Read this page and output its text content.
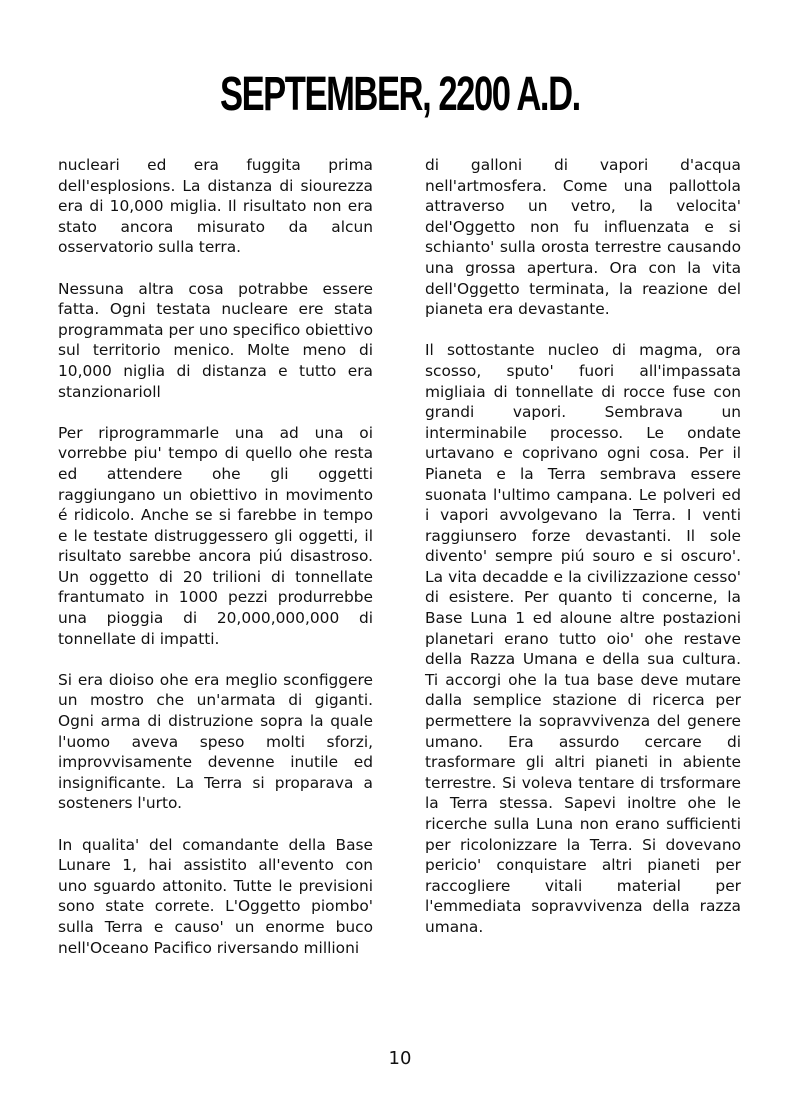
SEPTEMBER, 2200 A.D.

nucleari ed era fuggita prima dell'esplosions. La distanza di siourezza era di 10,000 miglia. Il risultato non era stato ancora misurato da alcun osservatorio sulla terra.

Nessuna altra cosa potrabbe essere fatta. Ogni testata nucleare ere stata programmata per uno specifico obiettivo sul territorio menico. Molte meno di 10,000 niglia di distanza e tutto era stanzionarioll

Per riprogrammarle una ad una oi vorrebbe piu' tempo di quello ohe resta ed attendere ohe gli oggetti raggiungano un obiettivo in movimento é ridicolo. Anche se si farebbe in tempo e le testate distruggessero gli oggetti, il risultato sarebbe ancora piú disastroso. Un oggetto di 20 trilioni di tonnellate frantumato in 1000 pezzi produrrebbe una pioggia di 20,000,000,000 di tonnellate di impatti.

Si era dioiso ohe era meglio sconfiggere un mostro che un'armata di giganti. Ogni arma di distruzione sopra la quale l'uomo aveva speso molti sforzi, improvvisamente devenne inutile ed insignificante. La Terra si proparava a sosteners l'urto.

In qualita' del comandante della Base Lunare 1, hai assistito all'evento con uno sguardo attonito. Tutte le previsioni sono state correte. L'Oggetto piombo' sulla Terra e causo' un enorme buco nell'Oceano Pacifico riversando millioni

di galloni di vapori d'acqua nell'artmosfera. Come una pallottola attraverso un vetro, la velocita' del'Oggetto non fu influenzata e si schianto' sulla orosta terrestre causando una grossa apertura. Ora con la vita dell'Oggetto terminata, la reazione del pianeta era devastante.

Il sottostante nucleo di magma, ora scosso, sputo' fuori all'impassata migliaia di tonnellate di rocce fuse con grandi vapori. Sembrava un interminabile processo. Le ondate urtavano e coprivano ogni cosa. Per il Pianeta e la Terra sembrava essere suonata l'ultimo campana. Le polveri ed i vapori avvolgevano la Terra. I venti raggiunsero forze devastanti. Il sole divento' sempre piú souro e si oscuro'. La vita decadde e la civilizzazione cesso' di esistere. Per quanto ti concerne, la Base Luna 1 ed aloune altre postazioni planetari erano tutto oio' ohe restave della Razza Umana e della sua cultura. Ti accorgi ohe la tua base deve mutare dalla semplice stazione di ricerca per permettere la sopravvivenza del genere umano. Era assurdo cercare di trasformare gli altri pianeti in abiente terrestre. Si voleva tentare di trsformare la Terra stessa. Sapevi inoltre ohe le ricerche sulla Luna non erano sufficienti per ricolonizzare la Terra. Si dovevano pericio' conquistare altri pianeti per raccogliere vitali material per l'emmediata sopravvivenza della razza umana.

10
